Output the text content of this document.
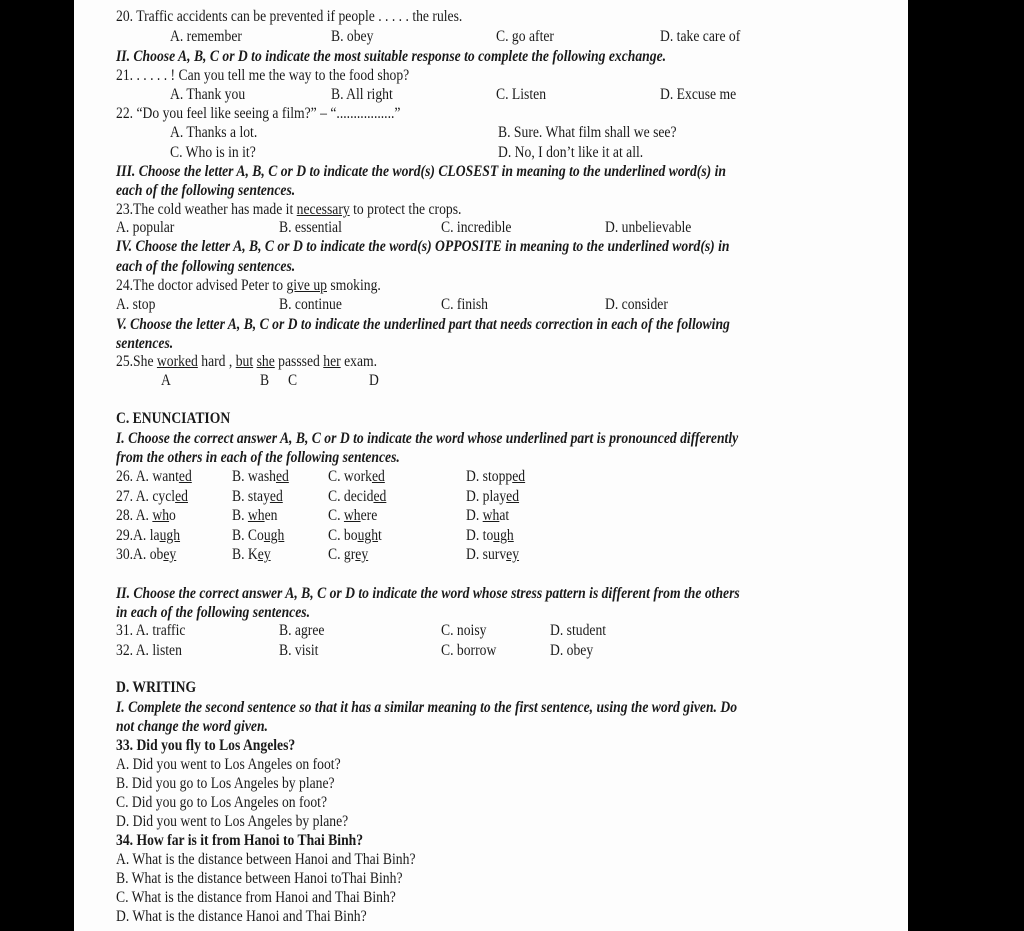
20. Traffic accidents can be prevented if people . . . . . the rules.
A. remember	B. obey	C. go after	D. take care of
II. Choose A, B, C or D to indicate the most suitable response to complete the following exchange.
21. . . . . . ! Can you tell me the way to the food shop?
A. Thank you	B. All right	C. Listen	D. Excuse me
22. “Do you feel like seeing a film?” – “.................”
A. Thanks a lot.	B. Sure. What film shall we see?
C. Who is in it?	D. No, I don’t like it at all.
III. Choose the letter A, B, C or D to indicate the word(s) CLOSEST in meaning to the underlined word(s) in
each of the following sentences.
23.The cold weather has made it necessary to protect the crops.
A. popular	B. essential	C. incredible	D. unbelievable
IV. Choose the letter A, B, C or D to indicate the word(s) OPPOSITE in meaning to the underlined word(s) in
each of the following sentences.
24.The doctor advised Peter to give up smoking.
A. stop	B. continue	C. finish	D. consider
V. Choose the letter A, B, C or D to indicate the underlined part that needs correction in each of the following
sentences.
25.She worked hard , but she passsed her exam.
A	B C	D
C. ENUNCIATION
I. Choose the correct answer A, B, C or D to indicate the word whose underlined part is pronounced differently
from the others in each of the following sentences.
II. Choose the correct answer A, B, C or D to indicate the word whose stress pattern is different from the others
in each of the following sentences.
31. A. traffic	B. agree	C. noisy	D. student
32. A. listen	B. visit	C. borrow	D. obey
D. WRITING
I. Complete the second sentence so that it has a similar meaning to the first sentence, using the word given. Do
not change the word given.
33. Did you fly to Los Angeles?
A. Did you went to Los Angeles on foot?
B. Did you go to Los Angeles by plane?
C. Did you go to Los Angeles on foot?
D. Did you went to Los Angeles by plane?
34. How far is it from Hanoi to Thai Binh?
A. What is the distance between Hanoi and Thai Binh?
B. What is the distance between Hanoi toThai Binh?
C. What is the distance from Hanoi and Thai Binh?
D. What is the distance Hanoi and Thai Binh?
26. A. wanted	B. washed	C. worked	D. stopped
27. A. cycled	B. stayed	C. decided	D. played
28. A. who	B. when	C. where	D. what
29.A. laugh	B. Cough	C. bought	D. tough
30.A. obey	B. Key	C. grey	D. survey
